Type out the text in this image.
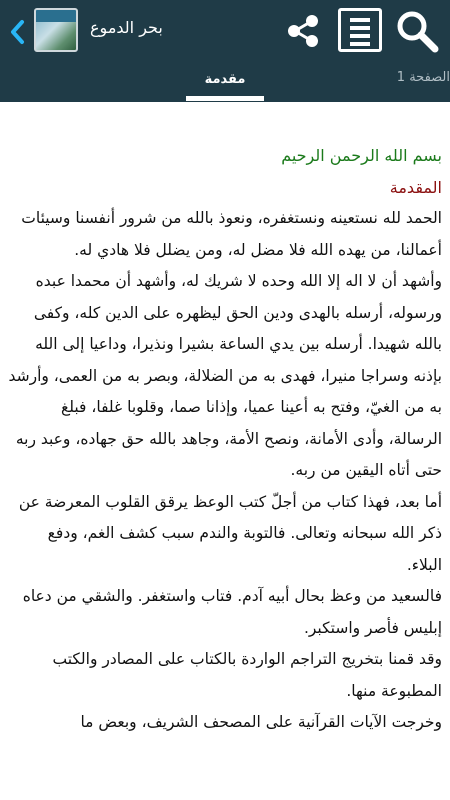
بحر الدموع
الصفحة 1
مقدمة
بسم الله الرحمن الرحيم
المقدمة
الحمد لله نستعينه ونستغفره، ونعوذ بالله من شرور أنفسنا وسيئات أعمالنا، من يهده الله فلا مضل له، ومن يضلل فلا هادي له.
وأشهد أن لا اله إلا الله وحده لا شريك له، وأشهد أن محمدا عبده ورسوله، أرسله بالهدى ودين الحق ليظهره على الدين كله، وكفى بالله شهيدا. أرسله بين يدي الساعة بشيرا ونذيرا، وداعيا إلى الله بإذنه وسراجا منيرا، فهدى به من الضلالة، وبصر به من العمى، وأرشد به من الغيّ، وفتح به أعينا عميا، وإذانا صما، وقلوبا غلفا، فبلغ الرسالة، وأدى الأمانة، ونصح الأمة، وجاهد بالله حق جهاده، وعبد ربه حتى أتاه اليقين من ربه.
أما بعد، فهذا كتاب من أجلّ كتب الوعظ يرقق القلوب المعرضة عن ذكر الله سبحانه وتعالى. فالتوبة والندم سبب كشف الغم، ودفع البلاء.
فالسعيد من وعظ بحال أبيه آدم. فتاب واستغفر. والشقي من دعاه إبليس فأصر واستكبر.
وقد قمنا بتخريج التراجم الواردة بالكتاب على المصادر والكتب المطبوعة منها.
وخرجت الآيات القرآنية على المصحف الشريف، وبعض ما
